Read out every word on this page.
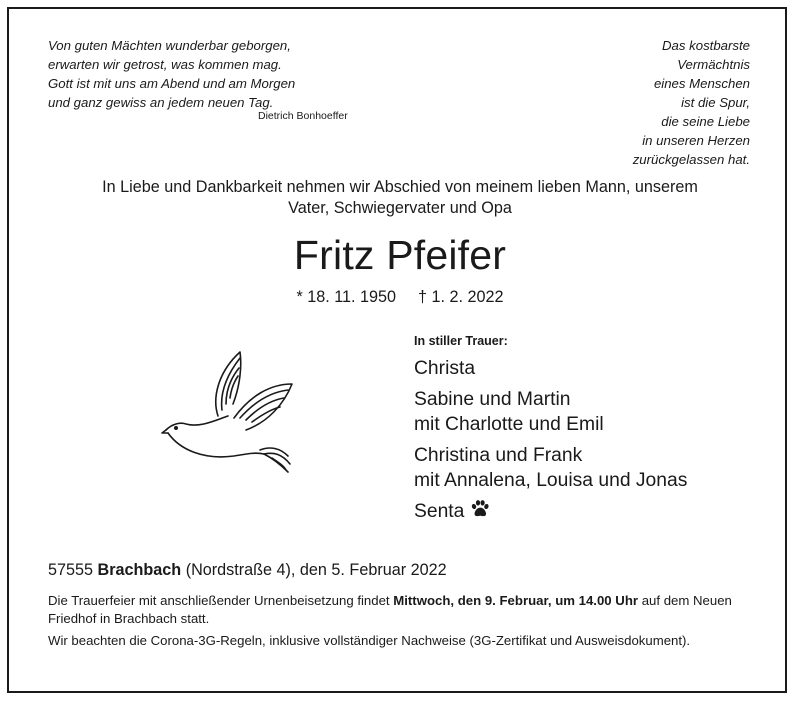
Von guten Mächten wunderbar geborgen,
erwarten wir getrost, was kommen mag.
Gott ist mit uns am Abend und am Morgen
und ganz gewiss an jedem neuen Tag.
Dietrich Bonhoeffer
Das kostbarste
Vermächtnis
eines Menschen
ist die Spur,
die seine Liebe
in unseren Herzen
zurückgelassen hat.
In Liebe und Dankbarkeit nehmen wir Abschied von meinem lieben Mann, unserem
Vater, Schwiegervater und Opa
Fritz Pfeifer
* 18. 11. 1950 † 1. 2. 2022
In stiller Trauer:
Christa
Sabine und Martin
mit Charlotte und Emil
Christina und Frank
mit Annalena, Louisa und Jonas
Senta
57555 Brachbach (Nordstraße 4), den 5. Februar 2022
Die Trauerfeier mit anschließender Urnenbeisetzung findet Mittwoch, den 9. Februar, um 14.00 Uhr auf dem Neuen Friedhof in Brachbach statt.
Wir beachten die Corona-3G-Regeln, inklusive vollständiger Nachweise (3G-Zertifikat und Ausweisdokument).
